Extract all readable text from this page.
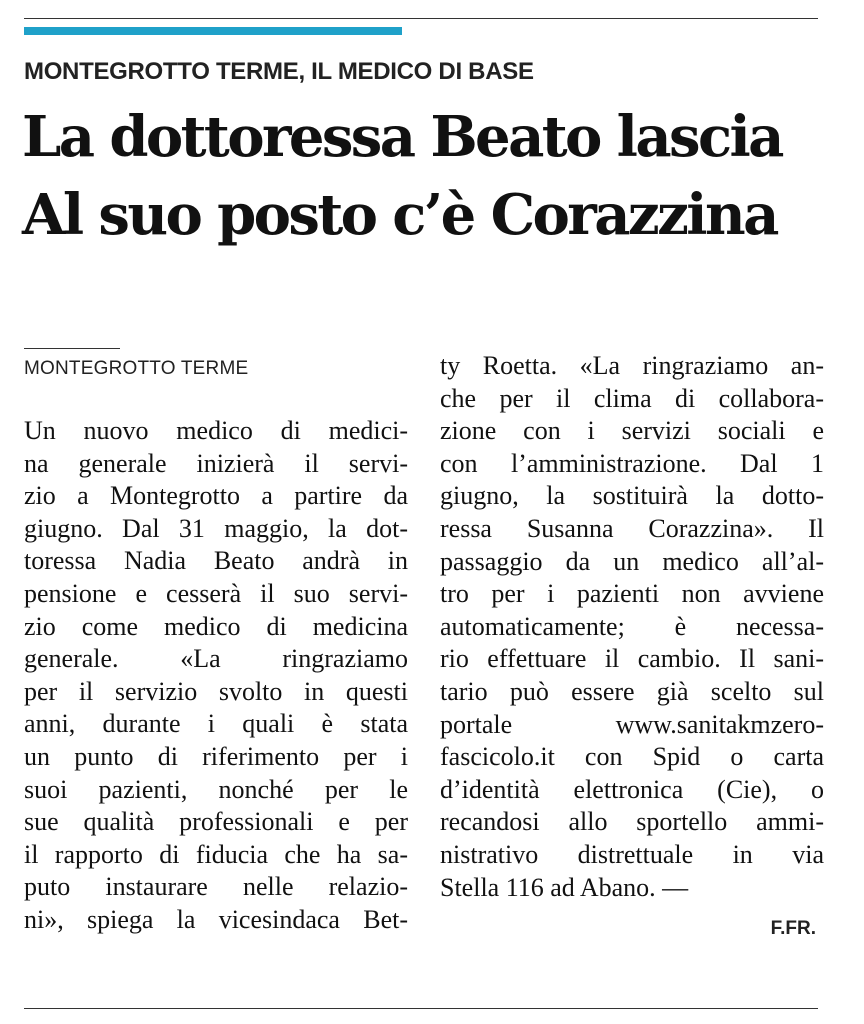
MONTEGROTTO TERME, IL MEDICO DI BASE
La dottoressa Beato lascia
Al suo posto c’è Corazzina
MONTEGROTTO TERME
Un nuovo medico di medici-
na generale inizierà il servi-
zio a Montegrotto a partire da
giugno. Dal 31 maggio, la dot-
toressa Nadia Beato andrà in
pensione e cesserà il suo servi-
zio come medico di medicina
generale. «La ringraziamo
per il servizio svolto in questi
anni, durante i quali è stata
un punto di riferimento per i
suoi pazienti, nonché per le
sue qualità professionali e per
il rapporto di fiducia che ha sa-
puto instaurare nelle relazio-
ni», spiega la vicesindaca Bet-
ty Roetta. «La ringraziamo an-
che per il clima di collabora-
zione con i servizi sociali e
con l’amministrazione. Dal 1
giugno, la sostituirà la dotto-
ressa Susanna Corazzina». Il
passaggio da un medico all’al-
tro per i pazienti non avviene
automaticamente; è necessa-
rio effettuare il cambio. Il sani-
tario può essere già scelto sul
portale www.sanitakmzero-
fascicolo.it con Spid o carta
d’identità elettronica (Cie), o
recandosi allo sportello ammi-
nistrativo distrettuale in via
Stella 116 ad Abano. —
F.FR.
